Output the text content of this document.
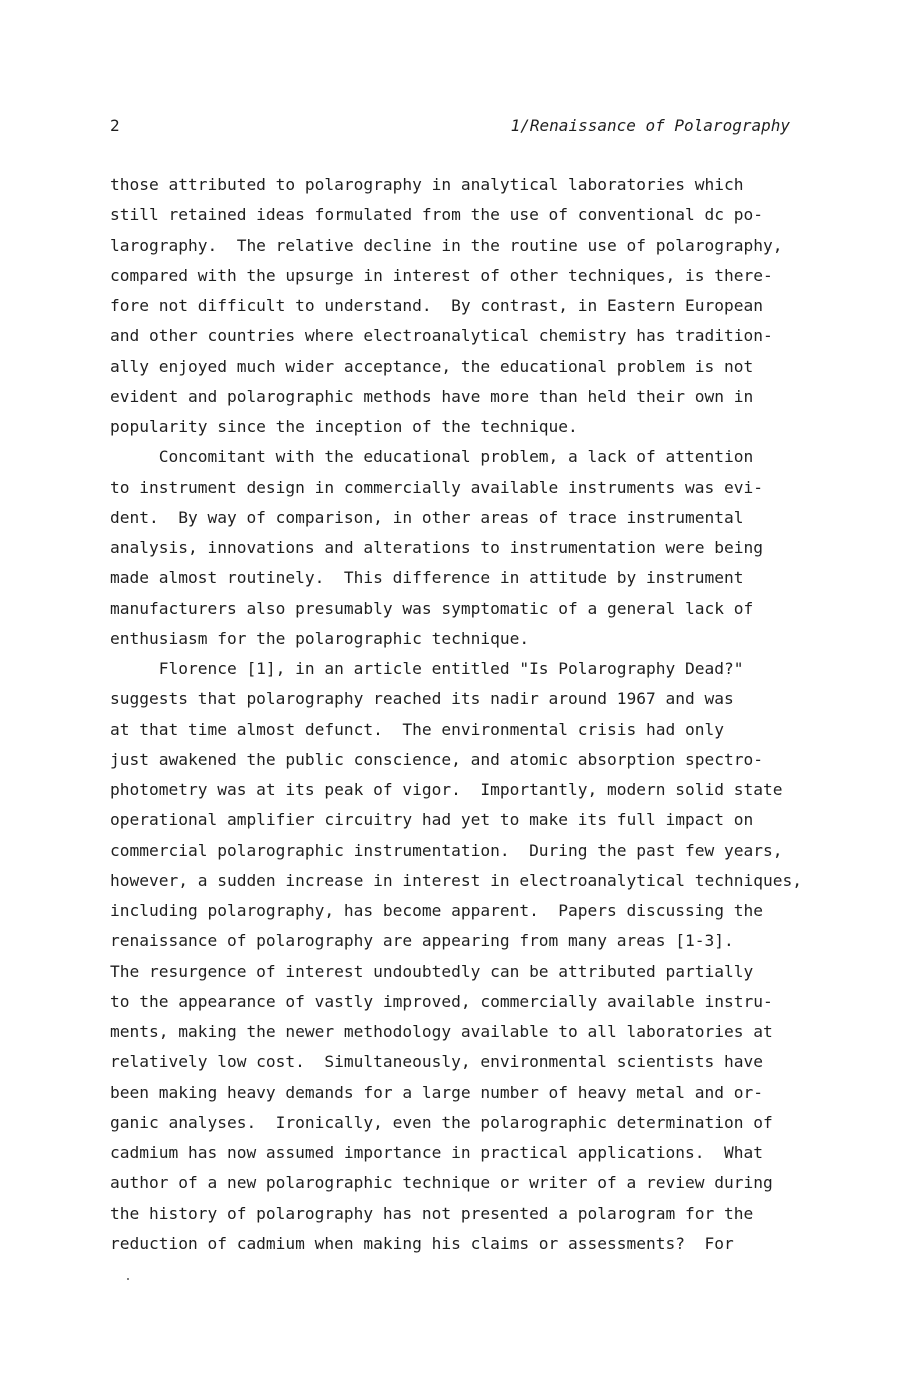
2	1/Renaissance of Polarography
those attributed to polarography in analytical laboratories which
still retained ideas formulated from the use of conventional dc po-
larography.  The relative decline in the routine use of polarography,
compared with the upsurge in interest of other techniques, is there-
fore not difficult to understand.  By contrast, in Eastern European
and other countries where electroanalytical chemistry has tradition-
ally enjoyed much wider acceptance, the educational problem is not
evident and polarographic methods have more than held their own in
popularity since the inception of the technique.
Concomitant with the educational problem, a lack of attention
to instrument design in commercially available instruments was evi-
dent.  By way of comparison, in other areas of trace instrumental
analysis, innovations and alterations to instrumentation were being
made almost routinely.  This difference in attitude by instrument
manufacturers also presumably was symptomatic of a general lack of
enthusiasm for the polarographic technique.
Florence [1], in an article entitled "Is Polarography Dead?"
suggests that polarography reached its nadir around 1967 and was
at that time almost defunct.  The environmental crisis had only
just awakened the public conscience, and atomic absorption spectro-
photometry was at its peak of vigor.  Importantly, modern solid state
operational amplifier circuitry had yet to make its full impact on
commercial polarographic instrumentation.  During the past few years,
however, a sudden increase in interest in electroanalytical techniques,
including polarography, has become apparent.  Papers discussing the
renaissance of polarography are appearing from many areas [1-3].
The resurgence of interest undoubtedly can be attributed partially
to the appearance of vastly improved, commercially available instru-
ments, making the newer methodology available to all laboratories at
relatively low cost.  Simultaneously, environmental scientists have
been making heavy demands for a large number of heavy metal and or-
ganic analyses.  Ironically, even the polarographic determination of
cadmium has now assumed importance in practical applications.  What
author of a new polarographic technique or writer of a review during
the history of polarography has not presented a polarogram for the
reduction of cadmium when making his claims or assessments?  For
